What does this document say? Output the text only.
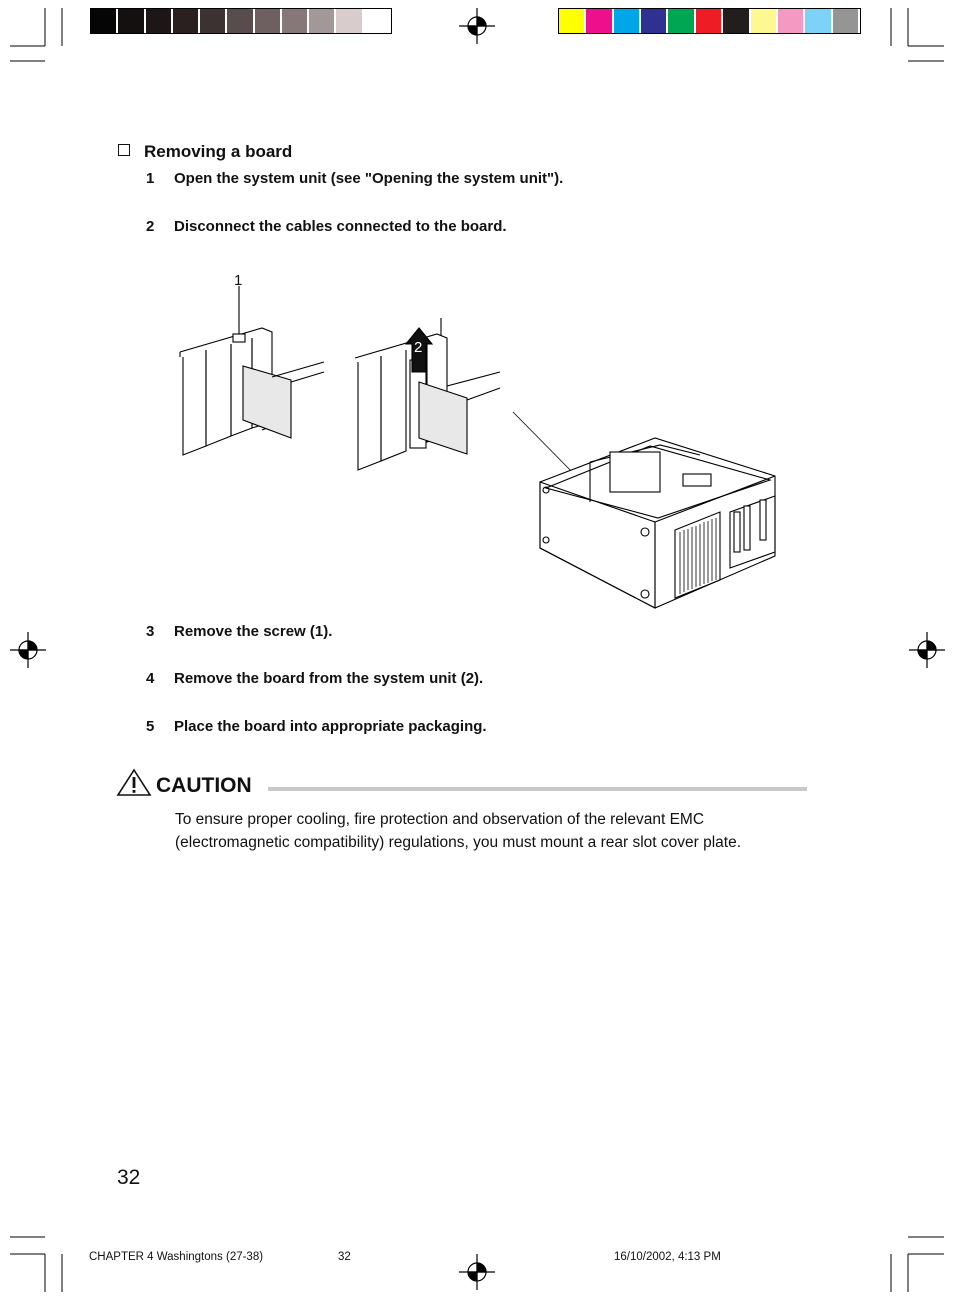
Removing a board
1 Open the system unit (see "Opening the system unit").
2 Disconnect the cables connected to the board.
1
2
3 Remove the screw (1).
4 Remove the board from the system unit (2).
5 Place the board into appropriate packaging.
CAUTION
To ensure proper cooling, fire protection and observation of the relevant EMC
(electromagnetic compatibility) regulations, you must mount a rear slot cover plate.
32
CHAPTER 4 Washingtons (27-38)	32	16/10/2002, 4:13 PM
